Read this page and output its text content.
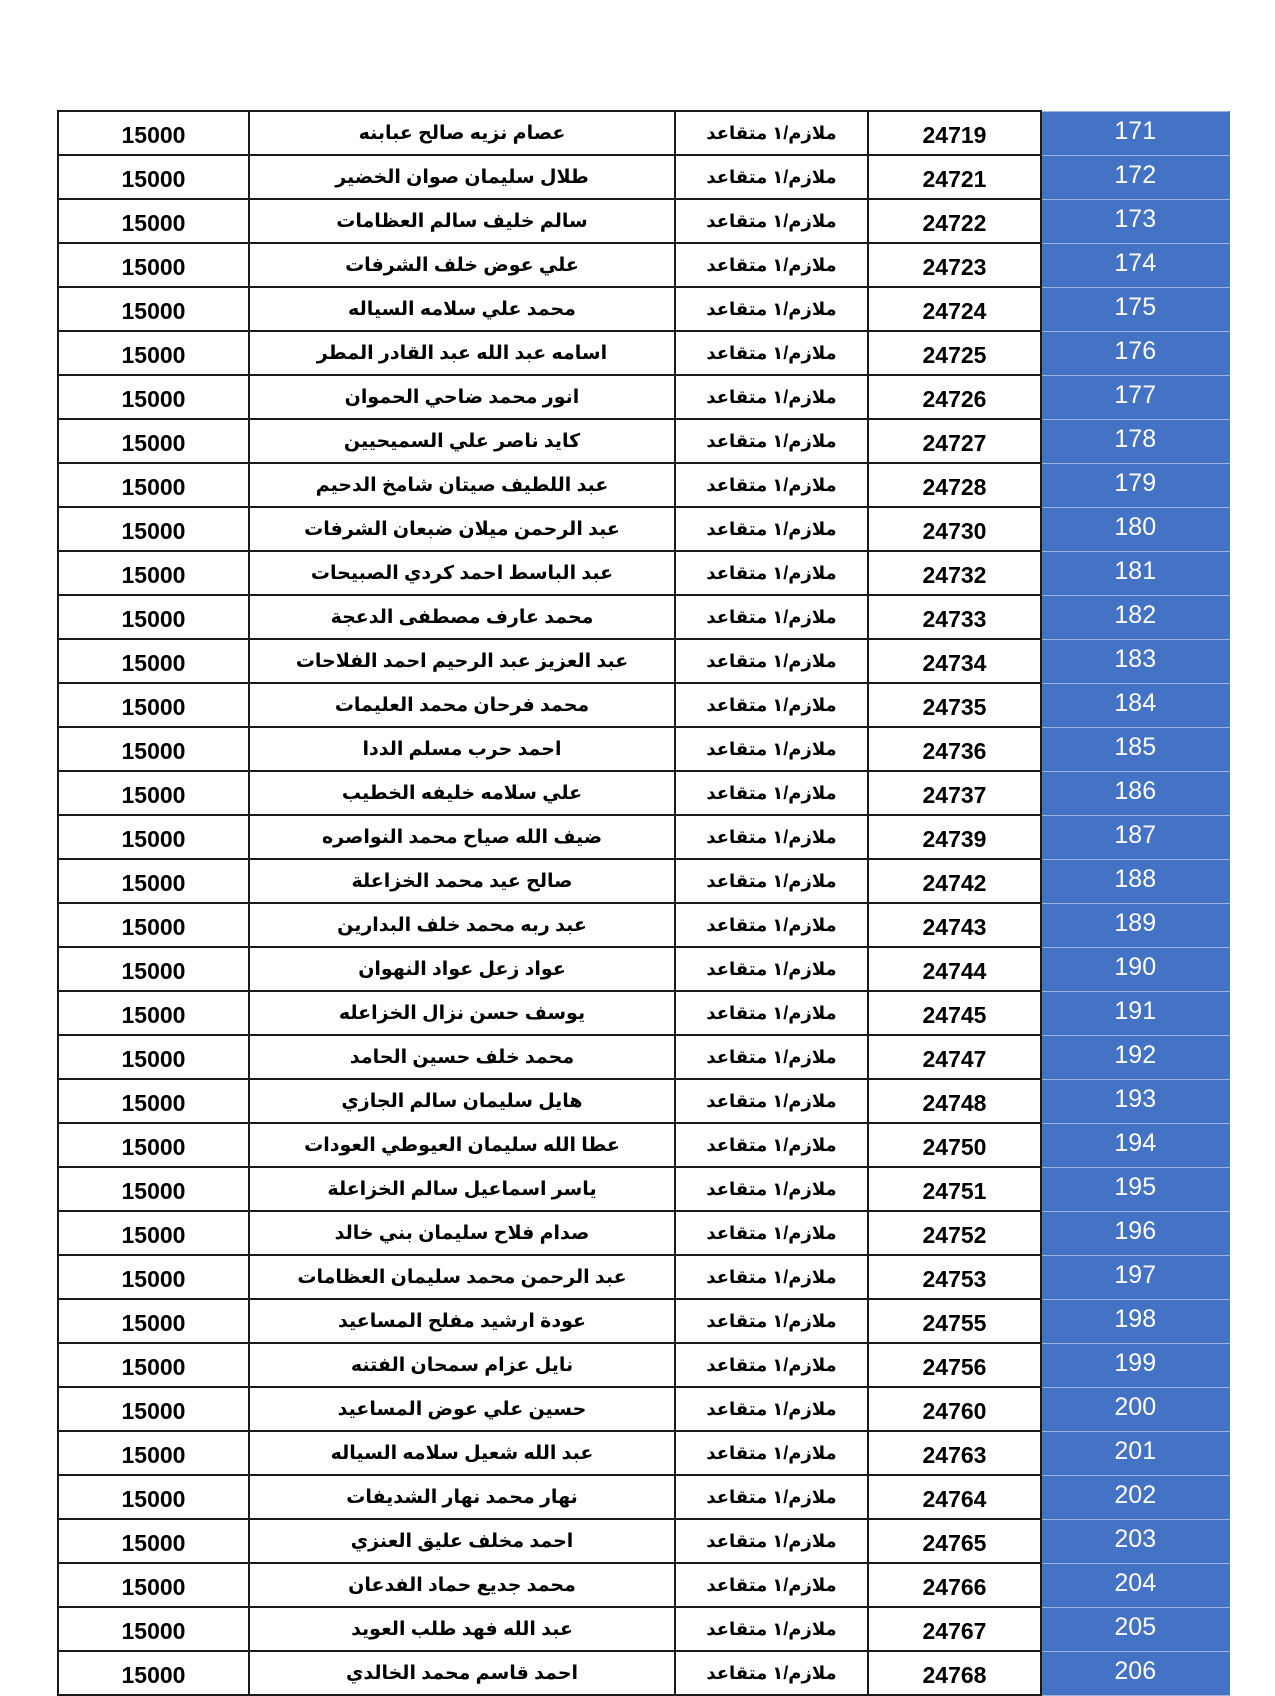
15000	عصام نزيه صالح عبابنه	ملازم/١ متقاعد	24719	171
15000	طلال سليمان صوان الخضير	ملازم/١ متقاعد	24721	172
15000	سالم خليف سالم العظامات	ملازم/١ متقاعد	24722	173
15000	علي عوض خلف الشرفات	ملازم/١ متقاعد	24723	174
15000	محمد علي سلامه السياله	ملازم/١ متقاعد	24724	175
15000	اسامه عبد الله عبد القادر المطر	ملازم/١ متقاعد	24725	176
15000	انور محمد ضاحي الحموان	ملازم/١ متقاعد	24726	177
15000	كايد ناصر علي السميحيين	ملازم/١ متقاعد	24727	178
15000	عبد اللطيف صيتان شامخ الدحيم	ملازم/١ متقاعد	24728	179
15000	عبد الرحمن ميلان ضبعان الشرفات	ملازم/١ متقاعد	24730	180
15000	عبد الباسط احمد كردي الصبيحات	ملازم/١ متقاعد	24732	181
15000	محمد عارف مصطفى الدعجة	ملازم/١ متقاعد	24733	182
15000	عبد العزيز عبد الرحيم احمد الفلاحات	ملازم/١ متقاعد	24734	183
15000	محمد فرحان محمد العليمات	ملازم/١ متقاعد	24735	184
15000	احمد حرب مسلم الددا	ملازم/١ متقاعد	24736	185
15000	علي سلامه خليفه الخطيب	ملازم/١ متقاعد	24737	186
15000	ضيف الله صياح محمد النواصره	ملازم/١ متقاعد	24739	187
15000	صالح عيد محمد الخزاعلة	ملازم/١ متقاعد	24742	188
15000	عبد ربه محمد خلف البدارين	ملازم/١ متقاعد	24743	189
15000	عواد زعل عواد النهوان	ملازم/١ متقاعد	24744	190
15000	يوسف حسن نزال الخزاعله	ملازم/١ متقاعد	24745	191
15000	محمد خلف حسين الحامد	ملازم/١ متقاعد	24747	192
15000	هايل سليمان سالم الجازي	ملازم/١ متقاعد	24748	193
15000	عطا الله سليمان العيوطي العودات	ملازم/١ متقاعد	24750	194
15000	ياسر اسماعيل سالم الخزاعلة	ملازم/١ متقاعد	24751	195
15000	صدام فلاح سليمان بني خالد	ملازم/١ متقاعد	24752	196
15000	عبد الرحمن محمد سليمان العظامات	ملازم/١ متقاعد	24753	197
15000	عودة ارشيد مفلح المساعيد	ملازم/١ متقاعد	24755	198
15000	نايل عزام سمحان الفتنه	ملازم/١ متقاعد	24756	199
15000	حسين علي عوض المساعيد	ملازم/١ متقاعد	24760	200
15000	عبد الله شعيل سلامه السياله	ملازم/١ متقاعد	24763	201
15000	نهار محمد نهار الشديفات	ملازم/١ متقاعد	24764	202
15000	احمد مخلف عليق العنزي	ملازم/١ متقاعد	24765	203
15000	محمد جديع حماد الفدعان	ملازم/١ متقاعد	24766	204
15000	عبد الله فهد طلب العويد	ملازم/١ متقاعد	24767	205
15000	احمد قاسم محمد الخالدي	ملازم/١ متقاعد	24768	206
